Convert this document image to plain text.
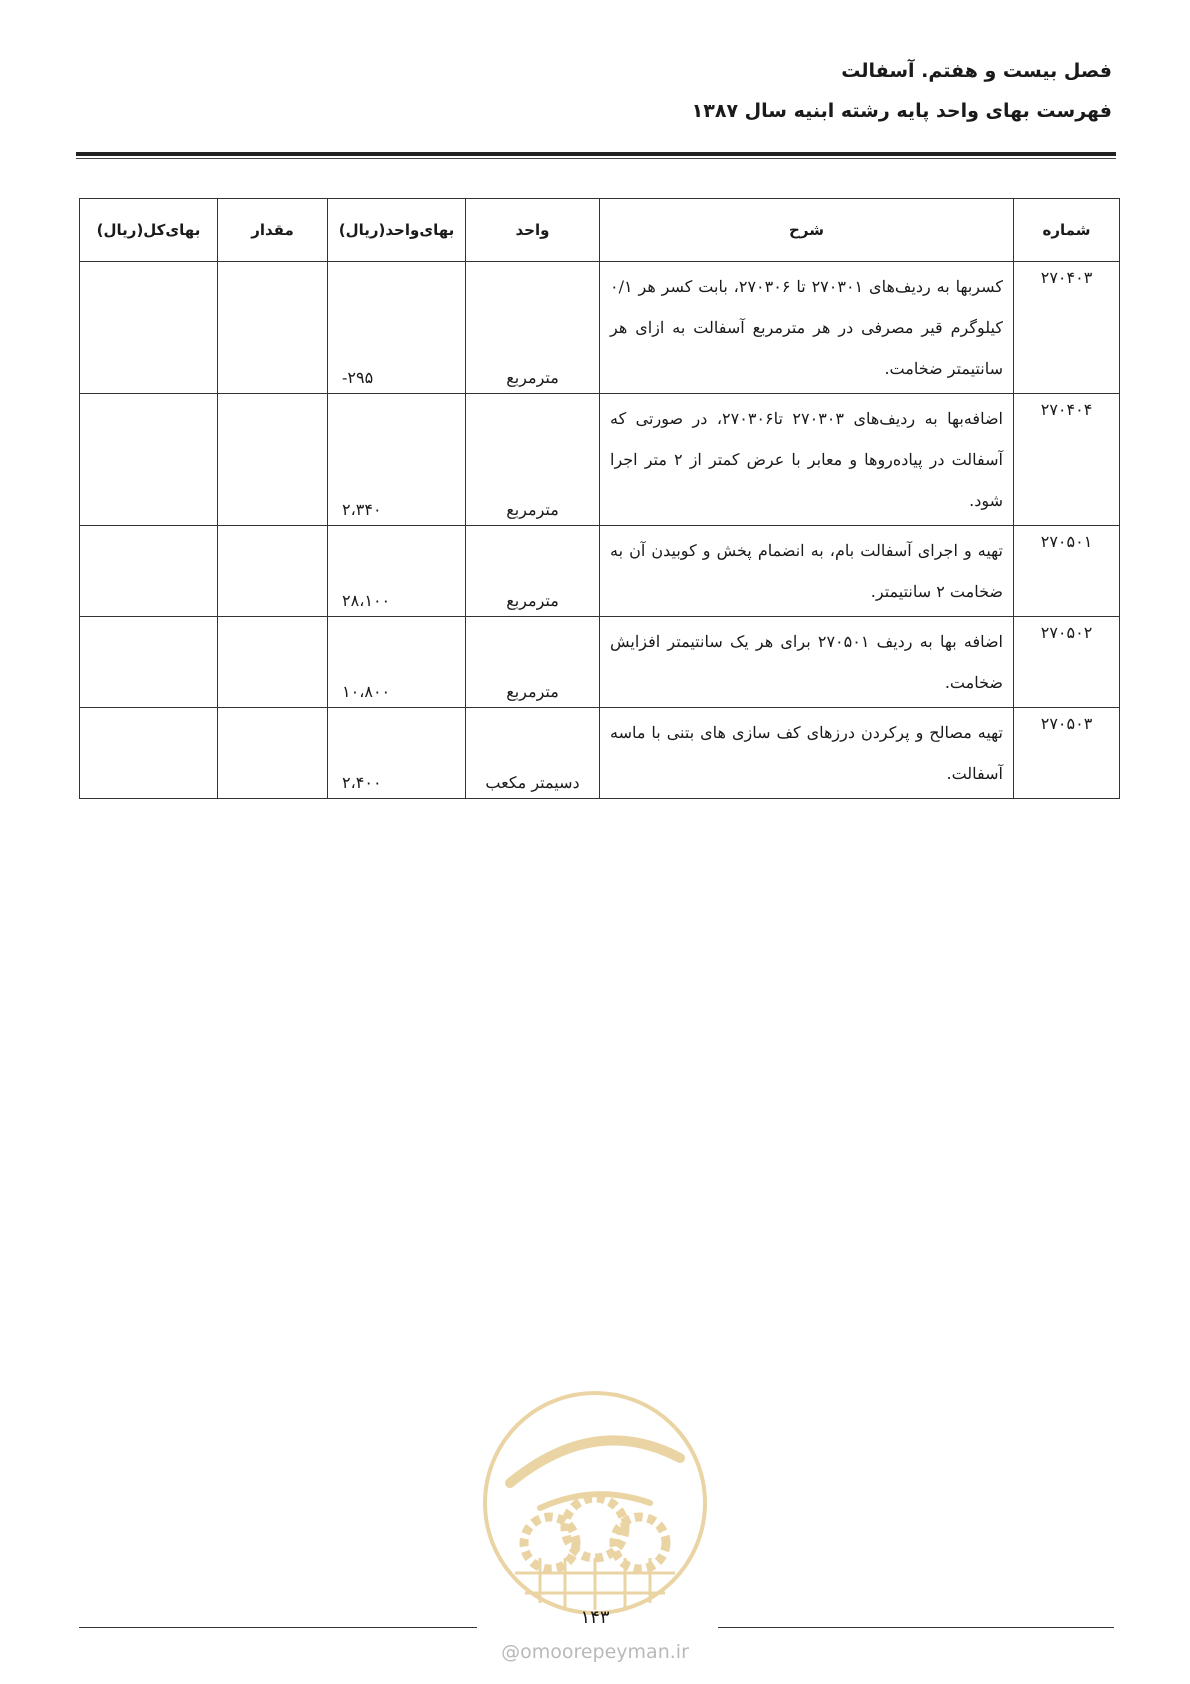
فصل بیست و هفتم. آسفالت
فهرست بهای واحد پایه رشته ابنیه سال ۱۳۸۷
شماره	شرح	واحد	بهای‌واحد(ریال)	مقدار	بهای‌کل(ریال)
۲۷۰۴۰۳	کسربها به ردیف‌های ۲۷۰۳۰۱ تا ۲۷۰۳۰۶، بابت کسر هر ۰/۱ کیلوگرم قیر مصرفی در هر مترمربع آسفالت به ازای هر سانتیمتر ضخامت.	مترمربع	۲۹۵-		
۲۷۰۴۰۴	اضافه‌بها به ردیف‌های ۲۷۰۳۰۳ تا۲۷۰۳۰۶، در صورتی که آسفالت در پیاده‌روها و معابر با عرض کمتر از ۲ متر اجرا شود.	مترمربع	۲،۳۴۰		
۲۷۰۵۰۱	تهیه و اجرای آسفالت بام، به انضمام پخش و کوبیدن آن به ضخامت ۲ سانتیمتر.	مترمربع	۲۸،۱۰۰		
۲۷۰۵۰۲	اضافه بها به ردیف ۲۷۰۵۰۱ برای هر یک سانتیمتر افزایش ضخامت.	مترمربع	۱۰،۸۰۰		
۲۷۰۵۰۳	تهیه مصالح و پرکردن درزهای کف سازی های بتنی با ماسه آسفالت.	دسیمتر مکعب	۲،۴۰۰		
۱۴۳
@omoorepeyman.ir
